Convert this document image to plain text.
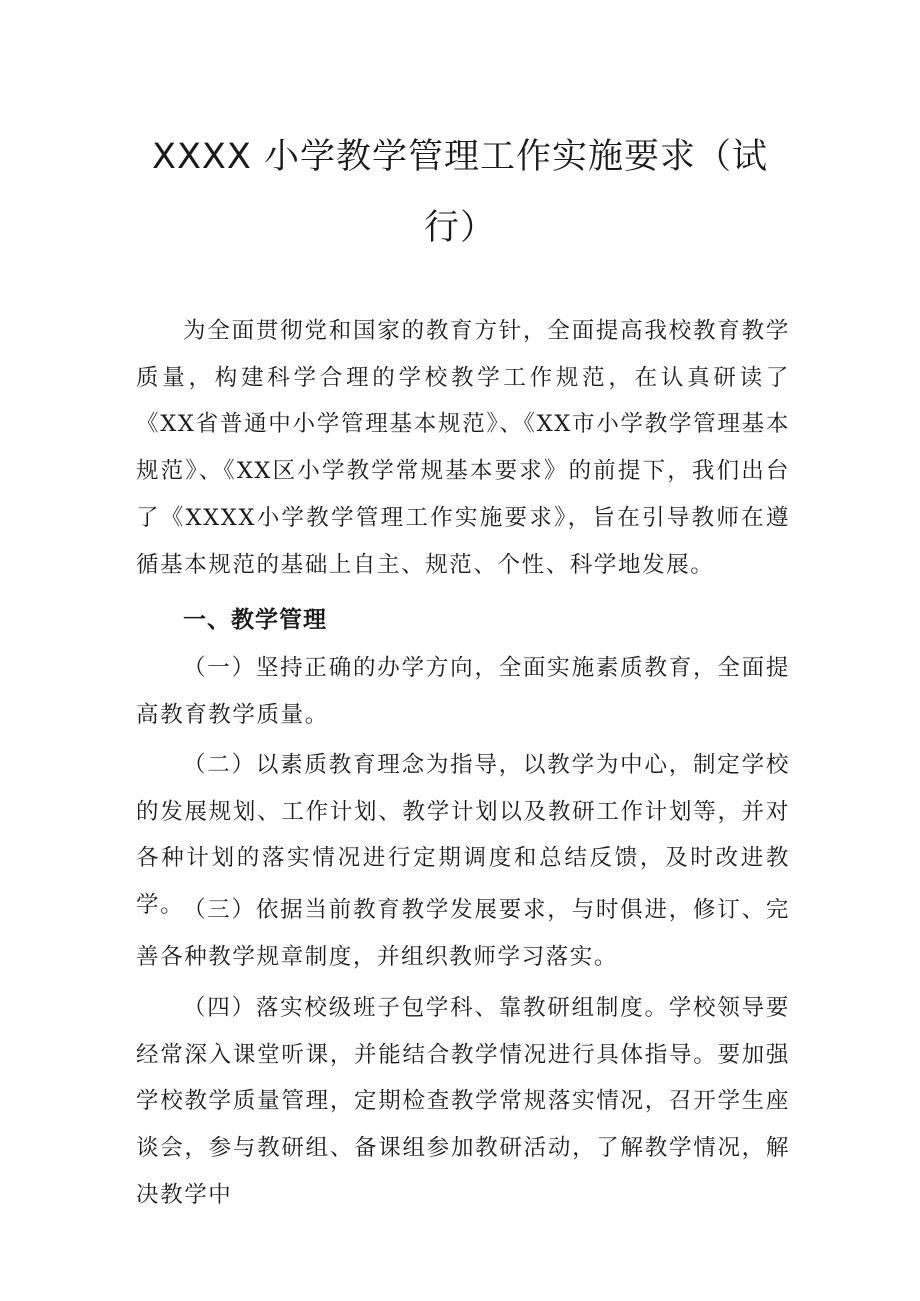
XXXX 小学教学管理工作实施要求（试
行）

为全面贯彻党和国家的教育方针，全面提高我校教育教学质量，构建科学合理的学校教学工作规范，在认真研读了《XX省普通中小学管理基本规范》、《XX市小学教学管理基本规范》、《XX区小学教学常规基本要求》的前提下，我们出台了《XXXX小学教学管理工作实施要求》，旨在引导教师在遵循基本规范的基础上自主、规范、个性、科学地发展。

一、教学管理

（一）坚持正确的办学方向，全面实施素质教育，全面提高教育教学质量。

（二）以素质教育理念为指导，以教学为中心，制定学校的发展规划、工作计划、教学计划以及教研工作计划等，并对各种计划的落实情况进行定期调度和总结反馈，及时改进教学。

（三）依据当前教育教学发展要求，与时俱进，修订、完善各种教学规章制度，并组织教师学习落实。

（四）落实校级班子包学科、靠教研组制度。学校领导要经常深入课堂听课，并能结合教学情况进行具体指导。要加强学校教学质量管理，定期检查教学常规落实情况，召开学生座谈会，参与教研组、备课组参加教研活动，了解教学情况，解决教学中
